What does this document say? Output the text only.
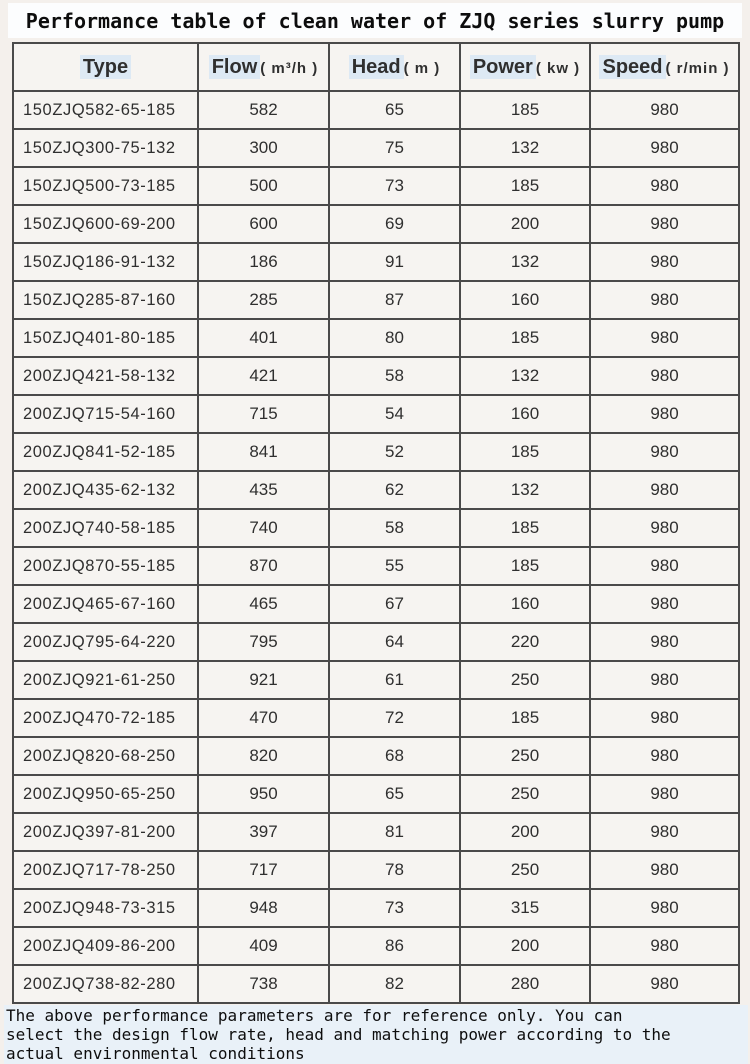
Performance table of clean water of ZJQ series slurry pump
Type	Flow ( m³/h )	Head ( m )	Power ( kw )	Speed ( r/min )
150ZJQ582-65-185	582	65	185	980
150ZJQ300-75-132	300	75	132	980
150ZJQ500-73-185	500	73	185	980
150ZJQ600-69-200	600	69	200	980
150ZJQ186-91-132	186	91	132	980
150ZJQ285-87-160	285	87	160	980
150ZJQ401-80-185	401	80	185	980
200ZJQ421-58-132	421	58	132	980
200ZJQ715-54-160	715	54	160	980
200ZJQ841-52-185	841	52	185	980
200ZJQ435-62-132	435	62	132	980
200ZJQ740-58-185	740	58	185	980
200ZJQ870-55-185	870	55	185	980
200ZJQ465-67-160	465	67	160	980
200ZJQ795-64-220	795	64	220	980
200ZJQ921-61-250	921	61	250	980
200ZJQ470-72-185	470	72	185	980
200ZJQ820-68-250	820	68	250	980
200ZJQ950-65-250	950	65	250	980
200ZJQ397-81-200	397	81	200	980
200ZJQ717-78-250	717	78	250	980
200ZJQ948-73-315	948	73	315	980
200ZJQ409-86-200	409	86	200	980
200ZJQ738-82-280	738	82	280	980
The above performance parameters are for reference only. You can
select the design flow rate, head and matching power according to the
actual environmental conditions
